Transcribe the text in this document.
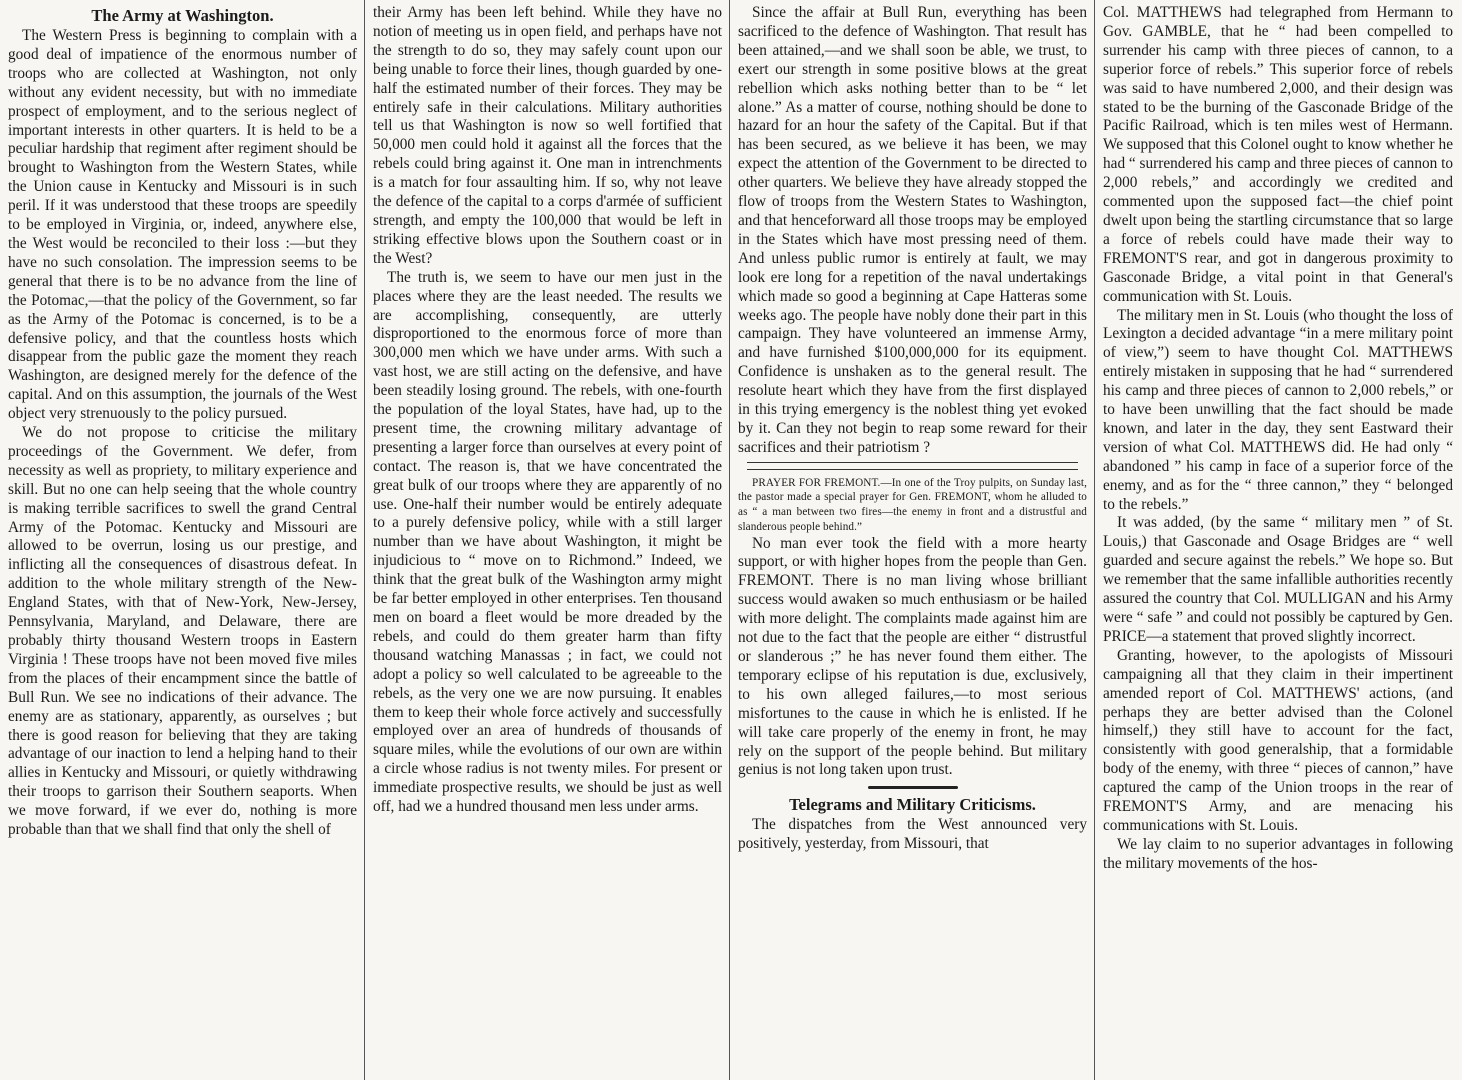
The Army at Washington.

The Western Press is beginning to complain with a good deal of impatience of the enormous number of troops who are collected at Washington, not only without any evident necessity, but with no immediate prospect of employment, and to the serious neglect of important interests in other quarters. It is held to be a peculiar hardship that regiment after regiment should be brought to Washington from the Western States, while the Union cause in Kentucky and Missouri is in such peril. If it was understood that these troops are speedily to be employed in Virginia, or, indeed, anywhere else, the West would be reconciled to their loss :—but they have no such consolation. The impression seems to be general that there is to be no advance from the line of the Potomac,—that the policy of the Government, so far as the Army of the Potomac is concerned, is to be a defensive policy, and that the countless hosts which disappear from the public gaze the moment they reach Washington, are designed merely for the defence of the capital. And on this assumption, the journals of the West object very strenuously to the policy pursued.

We do not propose to criticise the military proceedings of the Government. We defer, from necessity as well as propriety, to military experience and skill. But no one can help seeing that the whole country is making terrible sacrifices to swell the grand Central Army of the Potomac. Kentucky and Missouri are allowed to be overrun, losing us our prestige, and inflicting all the consequences of disastrous defeat. In addition to the whole military strength of the New-England States, with that of New-York, New-Jersey, Pennsylvania, Maryland, and Delaware, there are probably thirty thousand Western troops in Eastern Virginia ! These troops have not been moved five miles from the places of their encampment since the battle of Bull Run. We see no indications of their advance. The enemy are as stationary, apparently, as ourselves ; but there is good reason for believing that they are taking advantage of our inaction to lend a helping hand to their allies in Kentucky and Missouri, or quietly withdrawing their troops to garrison their Southern seaports. When we move forward, if we ever do, nothing is more probable than that we shall find that only the shell of

their Army has been left behind. While they have no notion of meeting us in open field, and perhaps have not the strength to do so, they may safely count upon our being unable to force their lines, though guarded by one-half the estimated number of their forces. They may be entirely safe in their calculations. Military authorities tell us that Washington is now so well fortified that 50,000 men could hold it against all the forces that the rebels could bring against it. One man in intrenchments is a match for four assaulting him. If so, why not leave the defence of the capital to a corps d'armée of sufficient strength, and empty the 100,000 that would be left in striking effective blows upon the Southern coast or in the West?

The truth is, we seem to have our men just in the places where they are the least needed. The results we are accomplishing, consequently, are utterly disproportioned to the enormous force of more than 300,000 men which we have under arms. With such a vast host, we are still acting on the defensive, and have been steadily losing ground. The rebels, with one-fourth the population of the loyal States, have had, up to the present time, the crowning military advantage of presenting a larger force than ourselves at every point of contact. The reason is, that we have concentrated the great bulk of our troops where they are apparently of no use. One-half their number would be entirely adequate to a purely defensive policy, while with a still larger number than we have about Washington, it might be injudicious to “ move on to Richmond.” Indeed, we think that the great bulk of the Washington army might be far better employed in other enterprises. Ten thousand men on board a fleet would be more dreaded by the rebels, and could do them greater harm than fifty thousand watching Manassas ; in fact, we could not adopt a policy so well calculated to be agreeable to the rebels, as the very one we are now pursuing. It enables them to keep their whole force actively and successfully employed over an area of hundreds of thousands of square miles, while the evolutions of our own are within a circle whose radius is not twenty miles. For present or immediate prospective results, we should be just as well off, had we a hundred thousand men less under arms.

Since the affair at Bull Run, everything has been sacrificed to the defence of Washington. That result has been attained,—and we shall soon be able, we trust, to exert our strength in some positive blows at the great rebellion which asks nothing better than to be “ let alone.” As a matter of course, nothing should be done to hazard for an hour the safety of the Capital. But if that has been secured, as we believe it has been, we may expect the attention of the Government to be directed to other quarters. We believe they have already stopped the flow of troops from the Western States to Washington, and that henceforward all those troops may be employed in the States which have most pressing need of them. And unless public rumor is entirely at fault, we may look ere long for a repetition of the naval undertakings which made so good a beginning at Cape Hatteras some weeks ago. The people have nobly done their part in this campaign. They have volunteered an immense Army, and have furnished $100,000,000 for its equipment. Confidence is unshaken as to the general result. The resolute heart which they have from the first displayed in this trying emergency is the noblest thing yet evoked by it. Can they not begin to reap some reward for their sacrifices and their patriotism ?

PRAYER FOR FREMONT.—In one of the Troy pulpits, on Sunday last, the pastor made a special prayer for Gen. FREMONT, whom he alluded to as “ a man between two fires—the enemy in front and a distrustful and slanderous people behind.”

No man ever took the field with a more hearty support, or with higher hopes from the people than Gen. FREMONT. There is no man living whose brilliant success would awaken so much enthusiasm or be hailed with more delight. The complaints made against him are not due to the fact that the people are either “ distrustful or slanderous ;” he has never found them either. The temporary eclipse of his reputation is due, exclusively, to his own alleged failures,—to most serious misfortunes to the cause in which he is enlisted. If he will take care properly of the enemy in front, he may rely on the support of the people behind. But military genius is not long taken upon trust.

Telegrams and Military Criticisms.

The dispatches from the West announced very positively, yesterday, from Missouri, that

Col. MATTHEWS had telegraphed from Hermann to Gov. GAMBLE, that he “ had been compelled to surrender his camp with three pieces of cannon, to a superior force of rebels.” This superior force of rebels was said to have numbered 2,000, and their design was stated to be the burning of the Gasconade Bridge of the Pacific Railroad, which is ten miles west of Hermann. We supposed that this Colonel ought to know whether he had “ surrendered his camp and three pieces of cannon to 2,000 rebels,” and accordingly we credited and commented upon the supposed fact—the chief point dwelt upon being the startling circumstance that so large a force of rebels could have made their way to FREMONT'S rear, and got in dangerous proximity to Gasconade Bridge, a vital point in that General's communication with St. Louis.

The military men in St. Louis (who thought the loss of Lexington a decided advantage “in a mere military point of view,”) seem to have thought Col. MATTHEWS entirely mistaken in supposing that he had “ surrendered his camp and three pieces of cannon to 2,000 rebels,” or to have been unwilling that the fact should be made known, and later in the day, they sent Eastward their version of what Col. MATTHEWS did. He had only “ abandoned ” his camp in face of a superior force of the enemy, and as for the “ three cannon,” they “ belonged to the rebels.”

It was added, (by the same “ military men ” of St. Louis,) that Gasconade and Osage Bridges are “ well guarded and secure against the rebels.” We hope so. But we remember that the same infallible authorities recently assured the country that Col. MULLIGAN and his Army were “ safe ” and could not possibly be captured by Gen. PRICE—a statement that proved slightly incorrect.

Granting, however, to the apologists of Missouri campaigning all that they claim in their impertinent amended report of Col. MATTHEWS' actions, (and perhaps they are better advised than the Colonel himself,) they still have to account for the fact, consistently with good generalship, that a formidable body of the enemy, with three “ pieces of cannon,” have captured the camp of the Union troops in the rear of FREMONT'S Army, and are menacing his communications with St. Louis.

We lay claim to no superior advantages in following the military movements of the hos-
